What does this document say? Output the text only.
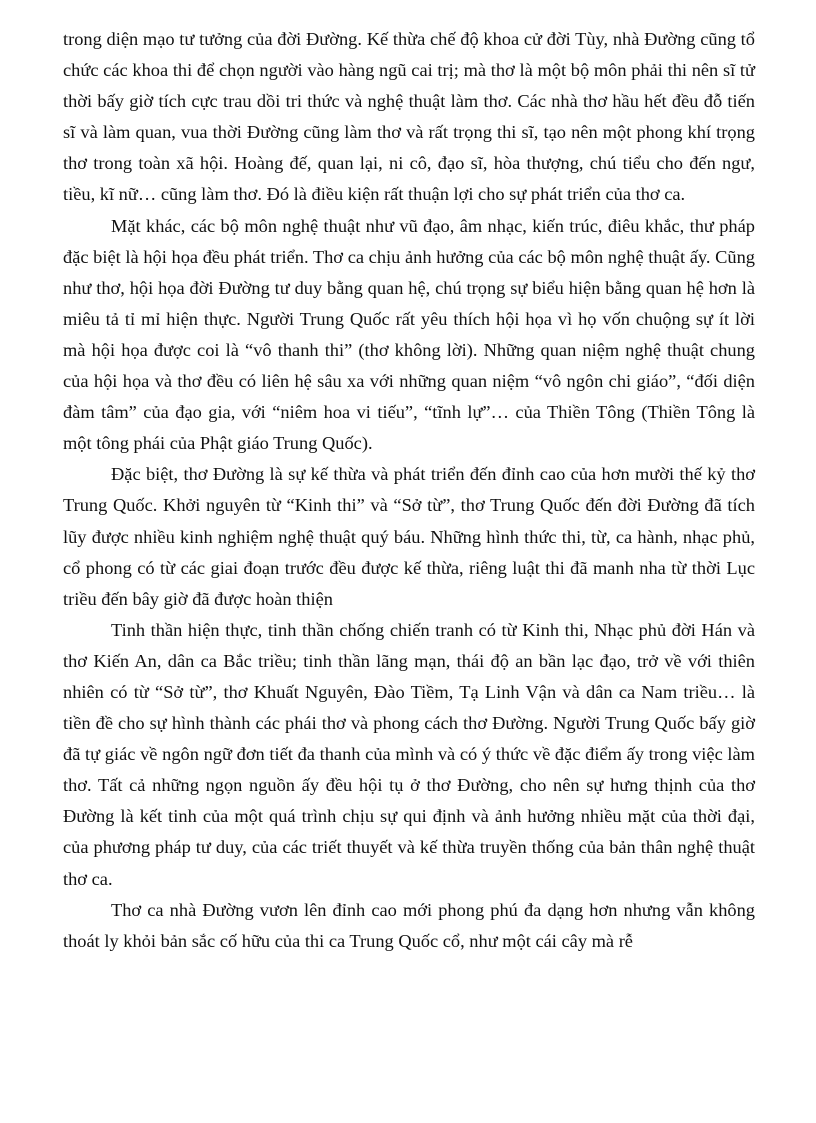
trong diện mạo tư tưởng của đời Đường. Kế thừa chế độ khoa cử đời Tùy, nhà Đường cũng tổ chức các khoa thi để chọn người vào hàng ngũ cai trị; mà thơ là một bộ môn phải thi nên sĩ tử thời bấy giờ tích cực trau dồi tri thức và nghệ thuật làm thơ. Các nhà thơ hầu hết đều đỗ tiến sĩ và làm quan, vua thời Đường cũng làm thơ và rất trọng thi sĩ, tạo nên một phong khí trọng thơ trong toàn xã hội. Hoàng đế, quan lại, ni cô, đạo sĩ, hòa thượng, chú tiểu cho đến ngư, tiều, kĩ nữ… cũng làm thơ. Đó là điều kiện rất thuận lợi cho sự phát triển của thơ ca.

Mặt khác, các bộ môn nghệ thuật như vũ đạo, âm nhạc, kiến trúc, điêu khắc, thư pháp đặc biệt là hội họa đều phát triển. Thơ ca chịu ảnh hưởng của các bộ môn nghệ thuật ấy. Cũng như thơ, hội họa đời Đường tư duy bằng quan hệ, chú trọng sự biểu hiện bằng quan hệ hơn là miêu tả tỉ mỉ hiện thực. Người Trung Quốc rất yêu thích hội họa vì họ vốn chuộng sự ít lời mà hội họa được coi là “vô thanh thi” (thơ không lời). Những quan niệm nghệ thuật chung của hội họa và thơ đều có liên hệ sâu xa với những quan niệm “vô ngôn chi giáo”, “đối diện đàm tâm” của đạo gia, với “niêm hoa vi tiếu”, “tĩnh lự”… của Thiền Tông (Thiền Tông là một tông phái của Phật giáo Trung Quốc).

Đặc biệt, thơ Đường là sự kế thừa và phát triển đến đỉnh cao của hơn mười thế kỷ thơ Trung Quốc. Khởi nguyên từ “Kinh thi” và “Sở từ”, thơ Trung Quốc đến đời Đường đã tích lũy được nhiều kinh nghiệm nghệ thuật quý báu. Những hình thức thi, từ, ca hành, nhạc phủ, cổ phong có từ các giai đoạn trước đều được kế thừa, riêng luật thi đã manh nha từ thời Lục triều đến bây giờ đã được hoàn thiện

Tinh thần hiện thực, tinh thần chống chiến tranh có từ Kinh thi, Nhạc phủ đời Hán và thơ Kiến An, dân ca Bắc triều; tinh thần lãng mạn, thái độ an bần lạc đạo, trở về với thiên nhiên có từ “Sở từ”, thơ Khuất Nguyên, Đào Tiềm, Tạ Linh Vận và dân ca Nam triều… là tiền đề cho sự hình thành các phái thơ và phong cách thơ Đường. Người Trung Quốc bấy giờ đã tự giác về ngôn ngữ đơn tiết đa thanh của mình và có ý thức về đặc điểm ấy trong việc làm thơ. Tất cả những ngọn nguồn ấy đều hội tụ ở thơ Đường, cho nên sự hưng thịnh của thơ Đường là kết tinh của một quá trình chịu sự qui định và ảnh hưởng nhiều mặt của thời đại, của phương pháp tư duy, của các triết thuyết và kế thừa truyền thống của bản thân nghệ thuật thơ ca.

Thơ ca nhà Đường vươn lên đỉnh cao mới phong phú đa dạng hơn nhưng vẫn không thoát ly khỏi bản sắc cố hữu của thi ca Trung Quốc cổ, như một cái cây mà rễ
